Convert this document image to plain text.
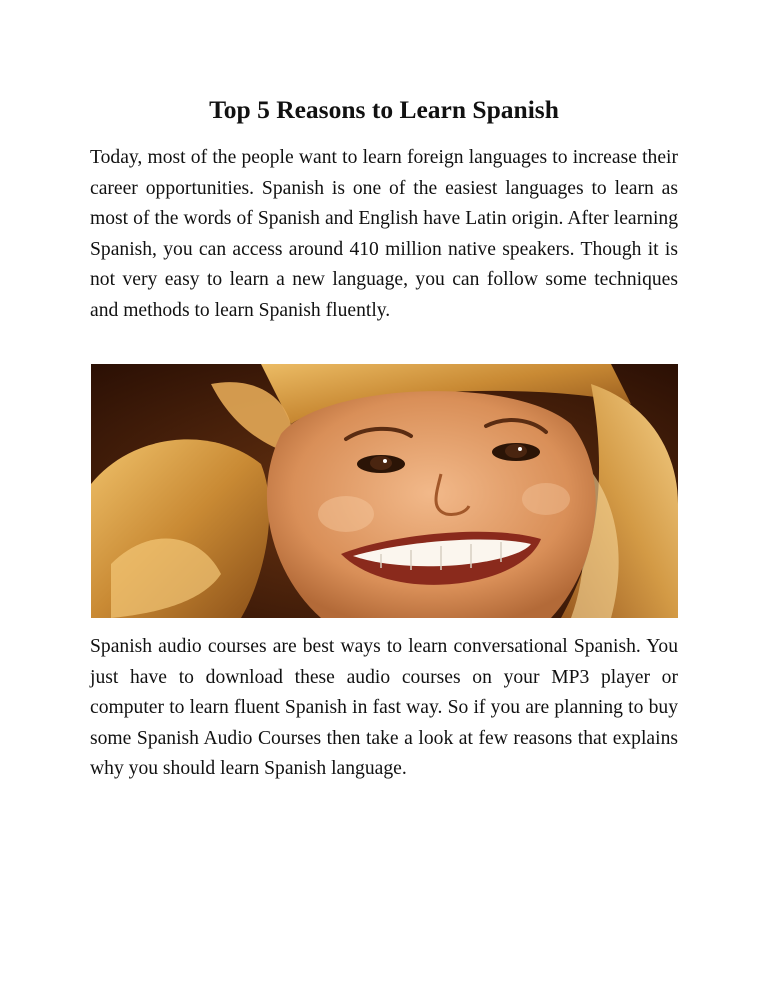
Top 5 Reasons to Learn Spanish

Today, most of the people want to learn foreign languages to increase their career opportunities. Spanish is one of the easiest languages to learn as most of the words of Spanish and English have Latin origin. After learning Spanish, you can access around 410 million native speakers. Though it is not very easy to learn a new language, you can follow some techniques and methods to learn Spanish fluently.

Spanish audio courses are best ways to learn conversational Spanish. You just have to download these audio courses on your MP3 player or computer to learn fluent Spanish in fast way. So if you are planning to buy some Spanish Audio Courses then take a look at few reasons that explains why you should learn Spanish language.
